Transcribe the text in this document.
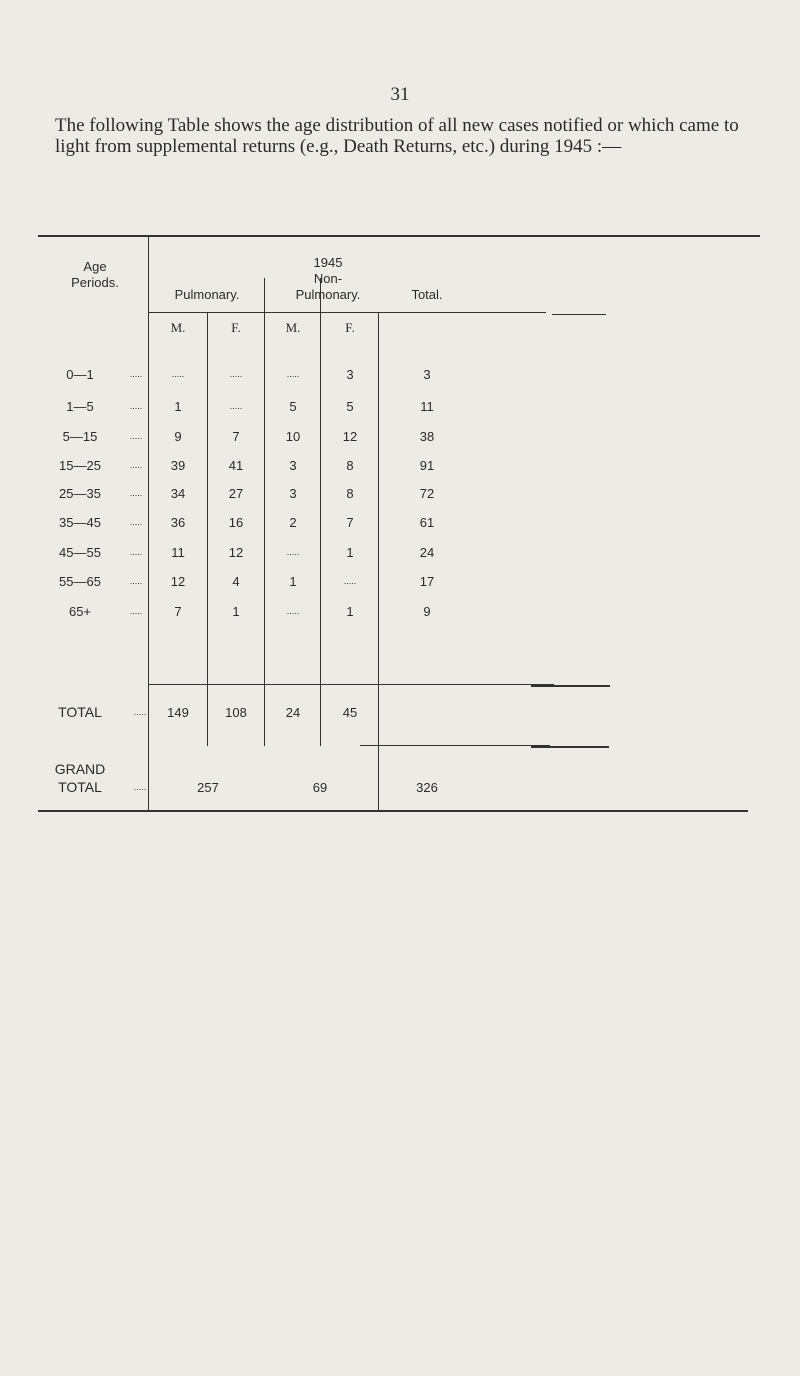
31
The following Table shows the age distribution of all new cases notified or which came to light from supplemental returns (e.g., Death Returns, etc.) during 1945 :—
Age
Periods.
1945
Pulmonary.
Non-
Pulmonary.	Total.
M.	F.	M.	F.
0—1	.....	.....	.....	.....	3	3
1—5	.....	1	.....	5	5	11
5—15	.....	9	7	10	12	38
15—25	.....	39	41	3	8	91
25—35	.....	34	27	3	8	72
35—45	.....	36	16	2	7	61
45—55	.....	11	12	.....	1	24
55—65	.....	12	4	1	.....	17
65+	.....	7	1	.....	1	9
TOTAL	.....	149	108	24	45
GRAND
TOTAL	.....	257	69	326
